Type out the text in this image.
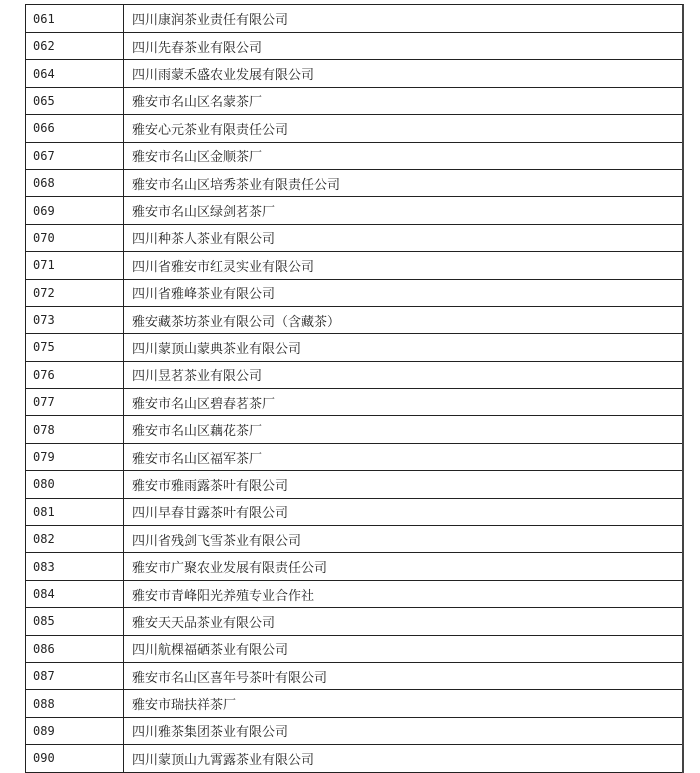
061	四川康润茶业责任有限公司
062	四川先春茶业有限公司
064	四川雨蒙禾盛农业发展有限公司
065	雅安市名山区名蒙茶厂
066	雅安心元茶业有限责任公司
067	雅安市名山区金顺茶厂
068	雅安市名山区培秀茶业有限责任公司
069	雅安市名山区绿剑茗茶厂
070	四川种茶人茶业有限公司
071	四川省雅安市红灵实业有限公司
072	四川省雅峰茶业有限公司
073	雅安藏茶坊茶业有限公司（含藏茶）
075	四川蒙顶山蒙典茶业有限公司
076	四川昱茗茶业有限公司
077	雅安市名山区碧春茗茶厂
078	雅安市名山区藕花茶厂
079	雅安市名山区福军茶厂
080	雅安市雅雨露茶叶有限公司
081	四川早春甘露茶叶有限公司
082	四川省残剑飞雪茶业有限公司
083	雅安市广聚农业发展有限责任公司
084	雅安市青峰阳光养殖专业合作社
085	雅安天天品茶业有限公司
086	四川航棵福硒茶业有限公司
087	雅安市名山区喜年号茶叶有限公司
088	雅安市瑞扶祥茶厂
089	四川雅茶集团茶业有限公司
090	四川蒙顶山九霄露茶业有限公司
